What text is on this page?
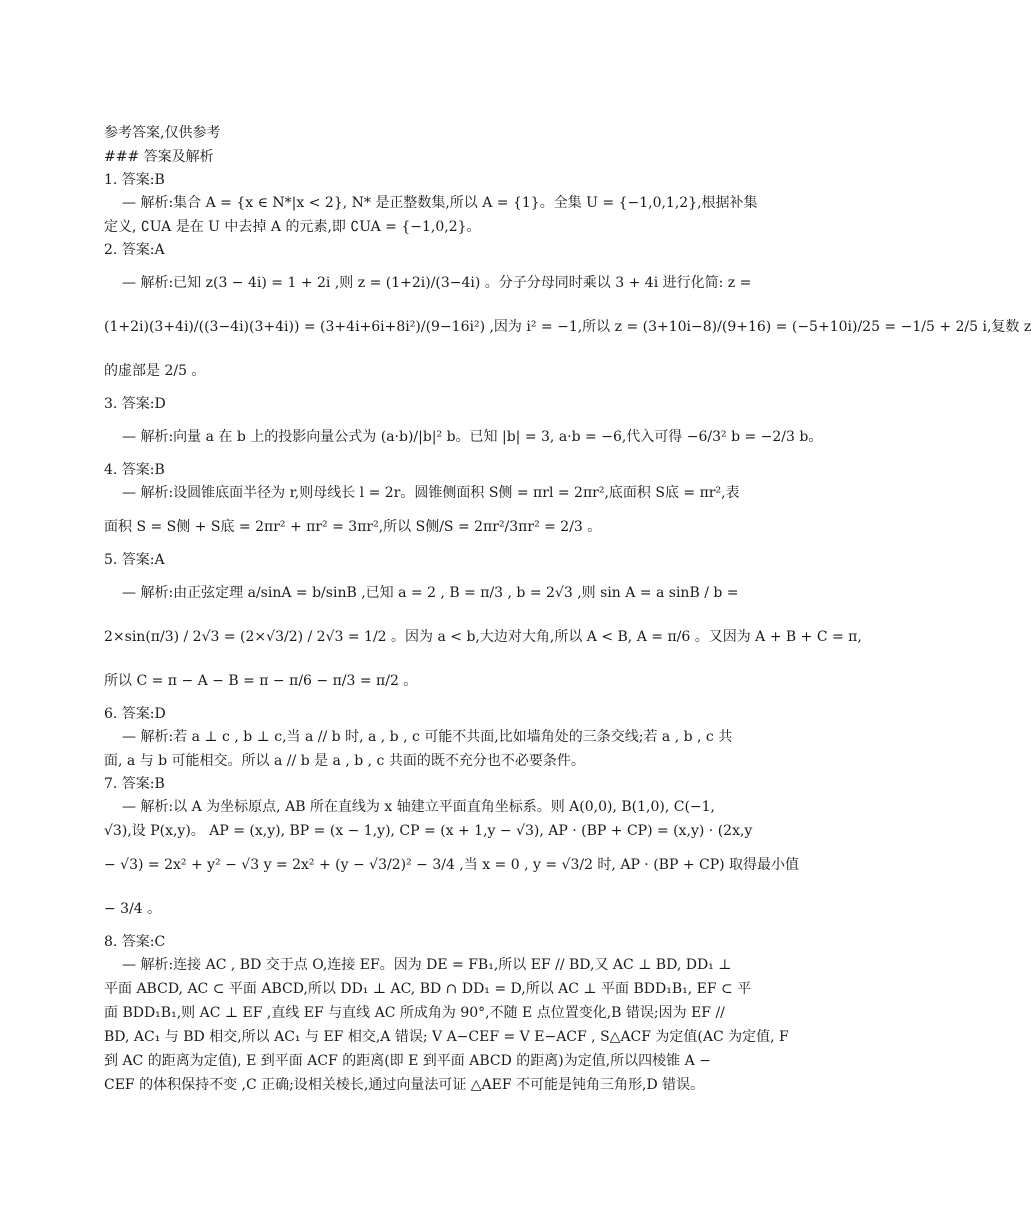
参考答案,仅供参考
### 答案及解析
1. 答案:B
— 解析:集合 A = {x ∈ N*|x < 2}, N* 是正整数集,所以 A = {1}。全集 U = {−1,0,1,2},根据补集
定义, ∁UA 是在 U 中去掉 A 的元素,即 ∁UA = {−1,0,2}。
2. 答案:A
— 解析:已知 z(3 − 4i) = 1 + 2i ,则 z = (1+2i)/(3−4i) 。分子分母同时乘以 3 + 4i 进行化简: z =
(1+2i)(3+4i)/((3−4i)(3+4i)) = (3+4i+6i+8i²)/(9−16i²) ,因为 i² = −1,所以 z = (3+10i−8)/(9+16) = (−5+10i)/25 = −1/5 + 2/5 i,复数 z
的虚部是 2/5 。
3. 答案:D
— 解析:向量 a 在 b 上的投影向量公式为 (a·b)/|b|² b。已知 |b| = 3, a·b = −6,代入可得 −6/3² b = −2/3 b。
4. 答案:B
— 解析:设圆锥底面半径为 r,则母线长 l = 2r。圆锥侧面积 S侧 = πrl = 2πr²,底面积 S底 = πr²,表
面积 S = S侧 + S底 = 2πr² + πr² = 3πr²,所以 S侧/S = 2πr²/3πr² = 2/3 。
5. 答案:A
— 解析:由正弦定理 a/sinA = b/sinB ,已知 a = 2 , B = π/3 , b = 2√3 ,则 sin A = a sinB / b =
2×sin(π/3) / 2√3 = (2×√3/2) / 2√3 = 1/2 。因为 a < b,大边对大角,所以 A < B, A = π/6 。又因为 A + B + C = π,
所以 C = π − A − B = π − π/6 − π/3 = π/2 。
6. 答案:D
— 解析:若 a ⊥ c , b ⊥ c,当 a // b 时, a , b , c 可能不共面,比如墙角处的三条交线;若 a , b , c 共
面, a 与 b 可能相交。所以 a // b 是 a , b , c 共面的既不充分也不必要条件。
7. 答案:B
— 解析:以 A 为坐标原点, AB 所在直线为 x 轴建立平面直角坐标系。则 A(0,0), B(1,0), C(−1,
√3),设 P(x,y)。 AP = (x,y), BP = (x − 1,y), CP = (x + 1,y − √3), AP · (BP + CP) = (x,y) · (2x,y
− √3) = 2x² + y² − √3 y = 2x² + (y − √3/2)² − 3/4 ,当 x = 0 , y = √3/2 时, AP · (BP + CP) 取得最小值
− 3/4 。
8. 答案:C
— 解析:连接 AC , BD 交于点 O,连接 EF。因为 DE = FB₁,所以 EF // BD,又 AC ⊥ BD, DD₁ ⊥
平面 ABCD, AC ⊂ 平面 ABCD,所以 DD₁ ⊥ AC, BD ∩ DD₁ = D,所以 AC ⊥ 平面 BDD₁B₁, EF ⊂ 平
面 BDD₁B₁,则 AC ⊥ EF ,直线 EF 与直线 AC 所成角为 90°,不随 E 点位置变化,B 错误;因为 EF //
BD, AC₁ 与 BD 相交,所以 AC₁ 与 EF 相交,A 错误; V A−CEF = V E−ACF , S△ACF 为定值(AC 为定值, F
到 AC 的距离为定值), E 到平面 ACF 的距离(即 E 到平面 ABCD 的距离)为定值,所以四棱锥 A −
CEF 的体积保持不变 ,C 正确;设相关棱长,通过向量法可证 △AEF 不可能是钝角三角形,D 错误。
